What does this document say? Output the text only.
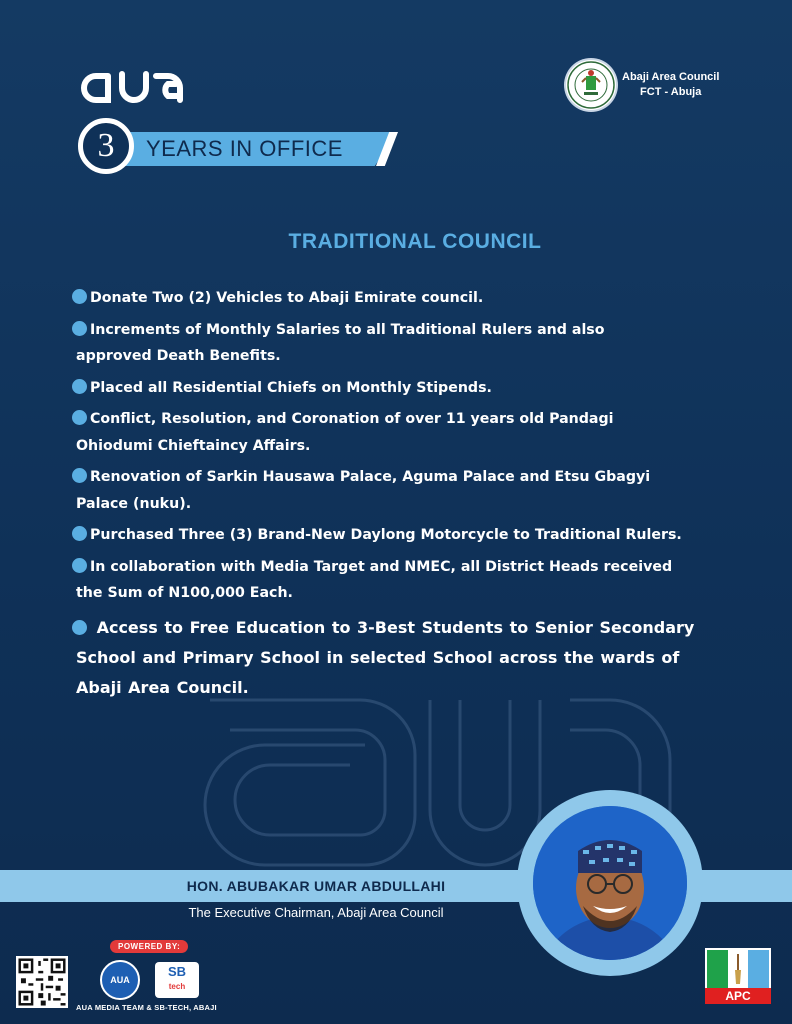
3	YEARS IN OFFICE
Abaji Area Council
FCT - Abuja
TRADITIONAL COUNCIL
Donate Two (2) Vehicles to Abaji Emirate council.
Increments of Monthly Salaries to all Traditional Rulers and also
approved Death Benefits.
Placed all Residential Chiefs on Monthly Stipends.
Conflict, Resolution, and Coronation of over 11 years old Pandagi
Ohiodumi Chieftaincy Affairs.
Renovation of Sarkin Hausawa Palace, Aguma Palace and Etsu Gbagyi
Palace (nuku).
Purchased Three (3) Brand-New Daylong Motorcycle to Traditional Rulers.
In collaboration with Media Target and NMEC, all District Heads received
the Sum of N100,000 Each.
Access to Free Education to 3-Best Students to Senior Secondary
School and Primary School in selected School across the wards of
Abaji Area Council.
HON. ABUBAKAR UMAR ABDULLAHI
The Executive Chairman, Abaji Area Council
POWERED BY:
AUA
SB
tech
AUA MEDIA TEAM & SB-TECH, ABAJI
APC
